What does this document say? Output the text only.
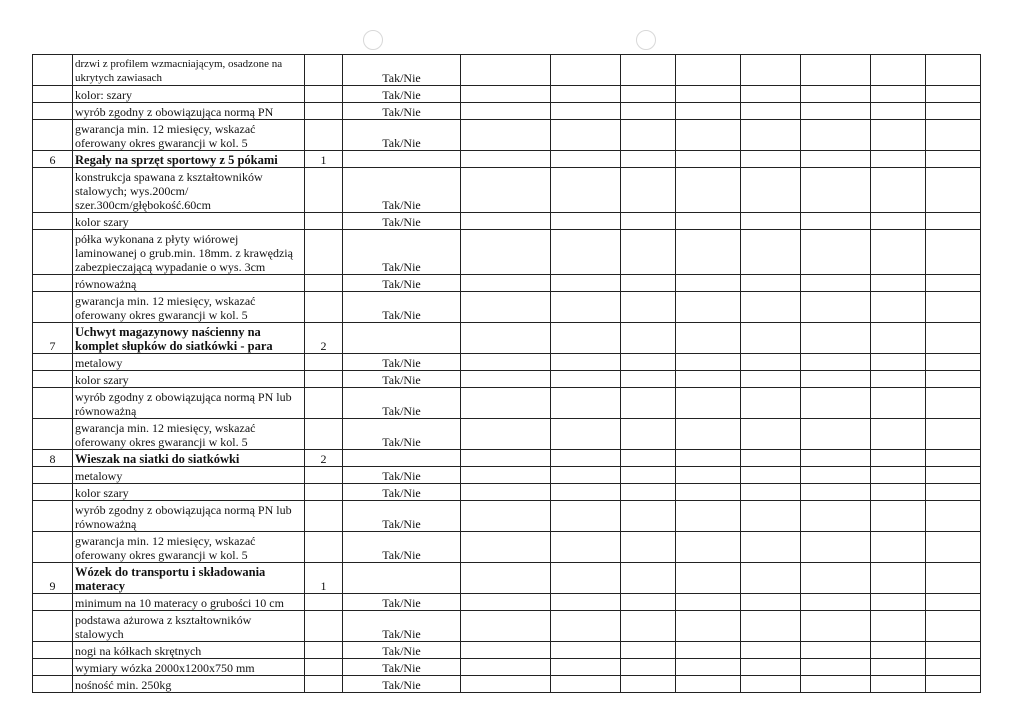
	drzwi z profilem wzmacniającym, osadzone na ukrytych zawiasach		Tak/Nie								
	kolor: szary		Tak/Nie								
	wyrób zgodny z obowiązująca normą PN		Tak/Nie								
	gwarancja min. 12 miesięcy, wskazać oferowany okres gwarancji w kol. 5		Tak/Nie								
6	Regały na sprzęt sportowy z 5 pókami	1									
	konstrukcja spawana z kształtowników stalowych; wys.200cm/ szer.300cm/głębokość.60cm		Tak/Nie								
	kolor szary		Tak/Nie								
	półka wykonana z płyty wiórowej laminowanej o grub.min. 18mm. z krawędzią zabezpieczającą wypadanie o wys. 3cm		Tak/Nie								
	równoważną		Tak/Nie								
	gwarancja min. 12 miesięcy, wskazać oferowany okres gwarancji w kol. 5		Tak/Nie								
7	Uchwyt magazynowy naścienny na komplet słupków do siatkówki - para	2									
	metalowy		Tak/Nie								
	kolor szary		Tak/Nie								
	wyrób zgodny z obowiązująca normą PN lub równoważną		Tak/Nie								
	gwarancja min. 12 miesięcy, wskazać oferowany okres gwarancji w kol. 5		Tak/Nie								
8	Wieszak na siatki do siatkówki	2									
	metalowy		Tak/Nie								
	kolor szary		Tak/Nie								
	wyrób zgodny z obowiązująca normą PN lub równoważną		Tak/Nie								
	gwarancja min. 12 miesięcy, wskazać oferowany okres gwarancji w kol. 5		Tak/Nie								
9	Wózek do transportu i składowania materacy	1									
	minimum na 10 materacy o grubości 10 cm		Tak/Nie								
	podstawa ażurowa z kształtowników stalowych		Tak/Nie								
	nogi na kółkach skrętnych		Tak/Nie								
	wymiary wózka 2000x1200x750 mm		Tak/Nie								
	nośność min. 250kg		Tak/Nie								
